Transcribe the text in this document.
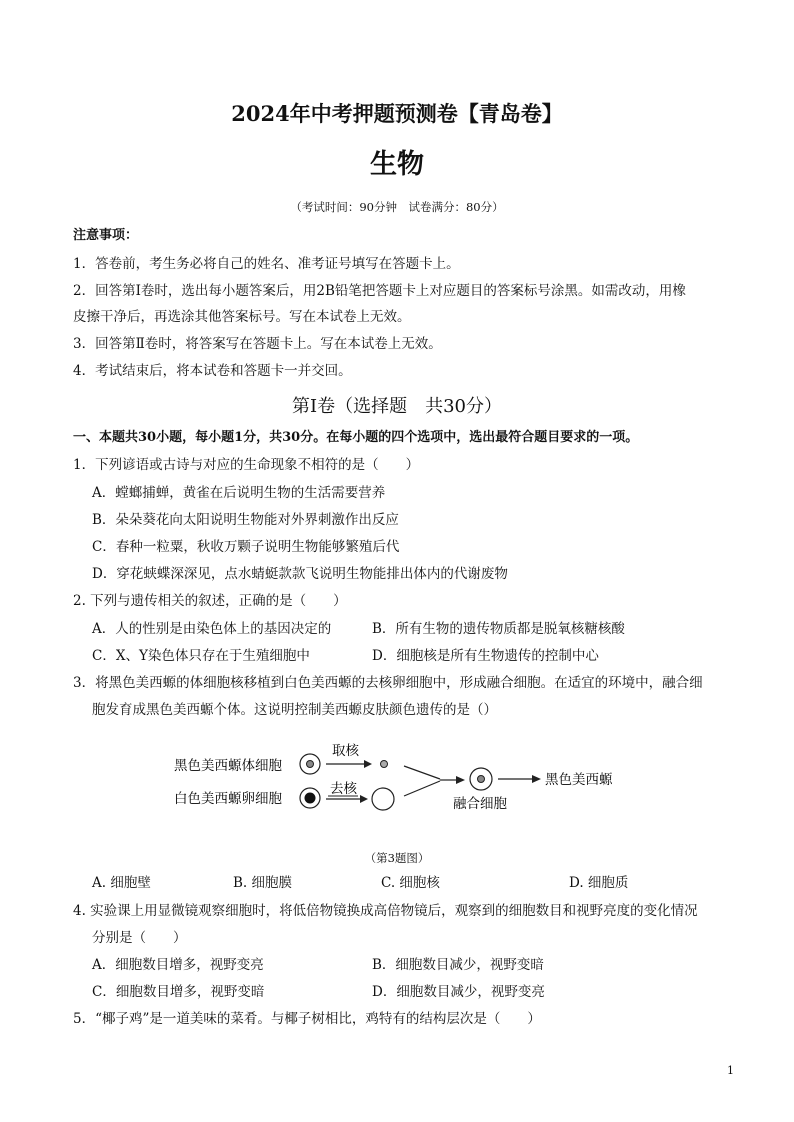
2024年中考押题预测卷【青岛卷】
生物
（考试时间：90分钟　试卷满分：80分）
注意事项：
1．答卷前，考生务必将自己的姓名、准考证号填写在答题卡上。
2．回答第Ⅰ卷时，选出每小题答案后，用2B铅笔把答题卡上对应题目的答案标号涂黑。如需改动，用橡
皮擦干净后，再选涂其他答案标号。写在本试卷上无效。
3．回答第Ⅱ卷时，将答案写在答题卡上。写在本试卷上无效。
4．考试结束后，将本试卷和答题卡一并交回。
第Ⅰ卷（选择题　共30分）
一、本题共30小题，每小题1分，共30分。在每小题的四个选项中，选出最符合题目要求的一项。
1．下列谚语或古诗与对应的生命现象不相符的是（　　）
A．螳螂捕蝉，黄雀在后说明生物的生活需要营养
B．朵朵葵花向太阳说明生物能对外界刺激作出反应
C．春种一粒粟，秋收万颗子说明生物能够繁殖后代
D．穿花蛱蝶深深见，点水蜻蜓款款飞说明生物能排出体内的代谢废物
2. 下列与遗传相关的叙述，正确的是（　　）
A．人的性别是由染色体上的基因决定的	B．所有生物的遗传物质都是脱氧核糖核酸
C．X、Y染色体只存在于生殖细胞中	D．细胞核是所有生物遗传的控制中心
3．将黑色美西螈的体细胞核移植到白色美西螈的去核卵细胞中，形成融合细胞。在适宜的环境中，融合细
胞发育成黑色美西螈个体。这说明控制美西螈皮肤颜色遗传的是（）
黑色美西螈体细胞
白色美西螈卵细胞
取核
去核
融合细胞
黑色美西螈
（第3题图）
A. 细胞壁	B. 细胞膜	C. 细胞核	D. 细胞质
4. 实验课上用显微镜观察细胞时，将低倍物镜换成高倍物镜后，观察到的细胞数目和视野亮度的变化情况
分别是（　　）
A．细胞数目增多，视野变亮	B．细胞数目减少，视野变暗
C．细胞数目增多，视野变暗	D．细胞数目减少，视野变亮
5．“椰子鸡”是一道美味的菜肴。与椰子树相比，鸡特有的结构层次是（　　）
1
